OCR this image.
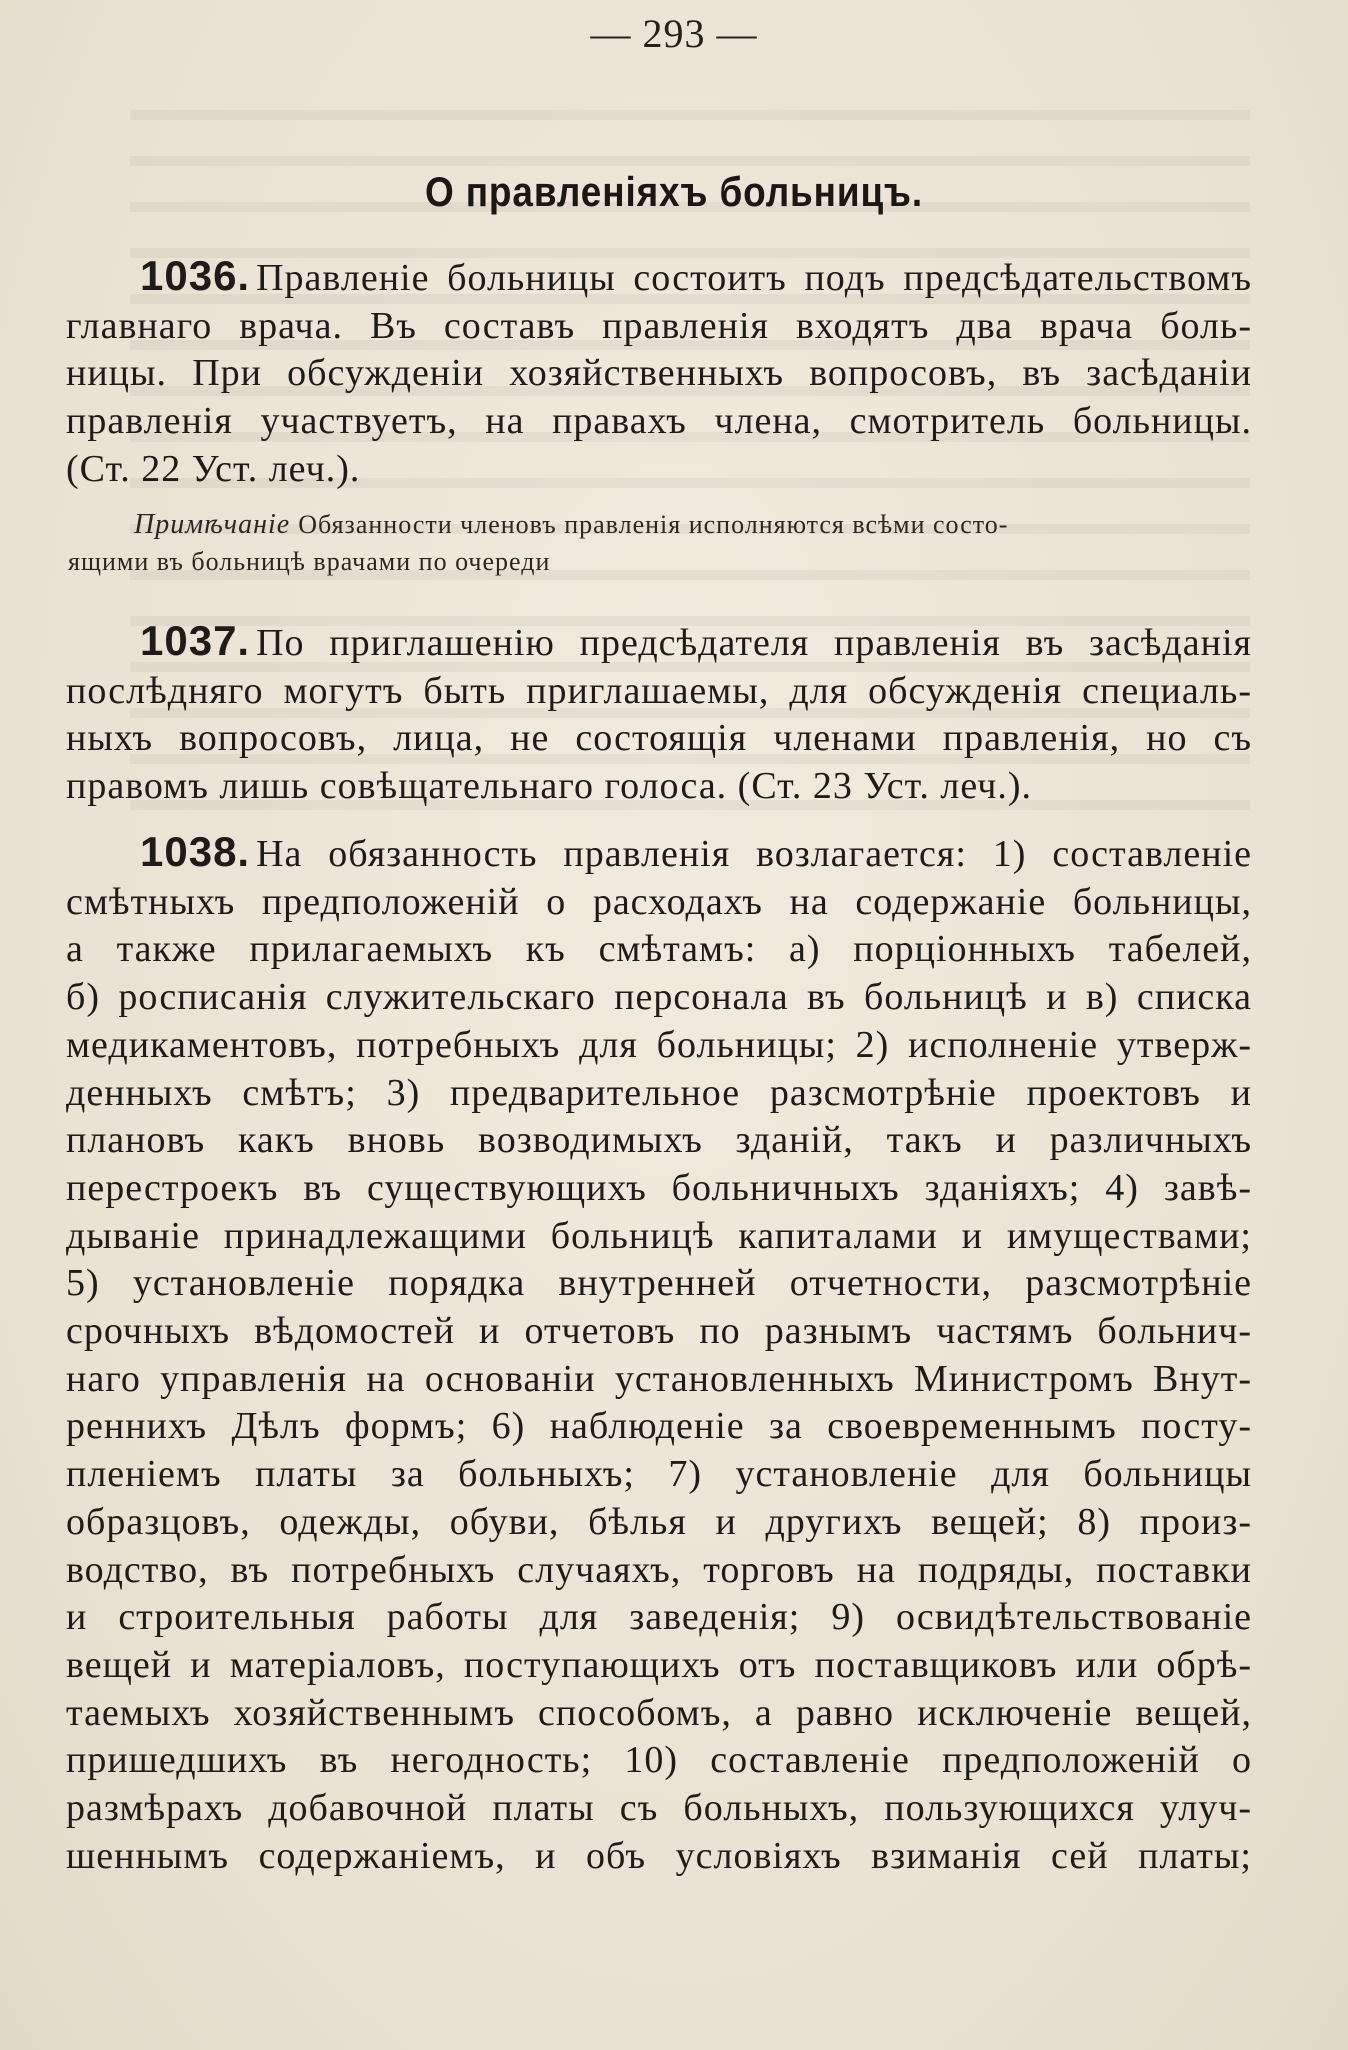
— 293 —
О правленіяхъ больницъ.
1036. Правленіе больницы состоитъ подъ предсѣдательствомъ
главнаго врача. Въ составъ правленія входятъ два врача боль-
ницы. При обсужденіи хозяйственныхъ вопросовъ, въ засѣданіи
правленія участвуетъ, на правахъ члена, смотритель больницы.
(Ст. 22 Уст. леч.).
Примѣчаніе Обязанности членовъ правленія исполняются всѣми состо-
ящими въ больницѣ врачами по очереди
1037. По приглашенію предсѣдателя правленія въ засѣданія
послѣдняго могутъ быть приглашаемы, для обсужденія специаль-
ныхъ вопросовъ, лица, не состоящія членами правленія, но съ
правомъ лишь совѣщательнаго голоса. (Ст. 23 Уст. леч.).
1038. На обязанность правленія возлагается: 1) составленіе
смѣтныхъ предположеній о расходахъ на содержаніе больницы,
а также прилагаемыхъ къ смѣтамъ: а) порціонныхъ табелей,
б) росписанія служительскаго персонала въ больницѣ и в) списка
медикаментовъ, потребныхъ для больницы; 2) исполненіе утверж-
денныхъ смѣтъ; 3) предварительное разсмотрѣніе проектовъ и
плановъ какъ вновь возводимыхъ зданій, такъ и различныхъ
перестроекъ въ существующихъ больничныхъ зданіяхъ; 4) завѣ-
дываніе принадлежащими больницѣ капиталами и имуществами;
5) установленіе порядка внутренней отчетности, разсмотрѣніе
срочныхъ вѣдомостей и отчетовъ по разнымъ частямъ больнич-
наго управленія на основаніи установленныхъ Министромъ Внут-
реннихъ Дѣлъ формъ; 6) наблюденіе за своевременнымъ посту-
пленіемъ платы за больныхъ; 7) установленіе для больницы
образцовъ, одежды, обуви, бѣлья и другихъ вещей; 8) произ-
водство, въ потребныхъ случаяхъ, торговъ на подряды, поставки
и строительныя работы для заведенія; 9) освидѣтельствованіе
вещей и матеріаловъ, поступающихъ отъ поставщиковъ или обрѣ-
таемыхъ хозяйственнымъ способомъ, а равно исключеніе вещей,
пришедшихъ въ негодность; 10) составленіе предположеній о
размѣрахъ добавочной платы съ больныхъ, пользующихся улуч-
шеннымъ содержаніемъ, и объ условіяхъ взиманія сей платы;
